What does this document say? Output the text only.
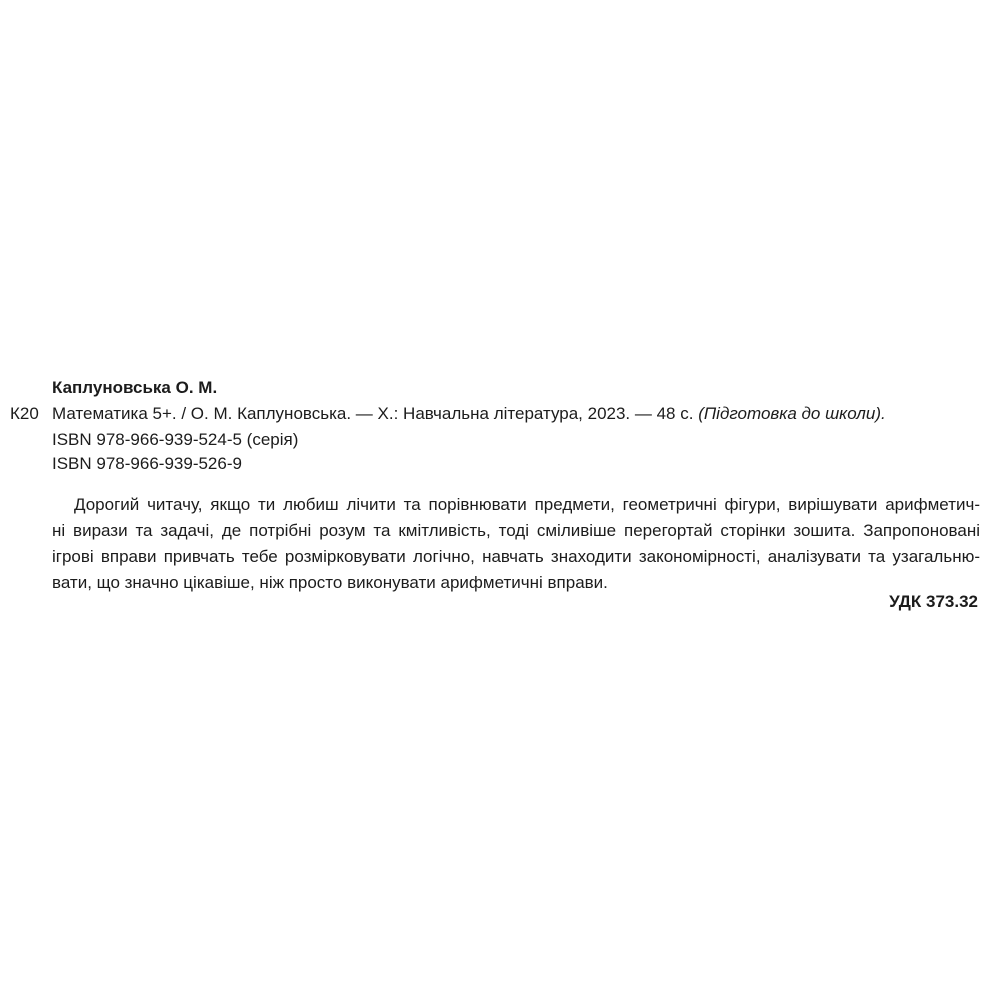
Каплуновська О. М.
К20 Математика 5+. / О. М. Каплуновська. — Х.: Навчальна література, 2023. — 48 с. (Підготовка до школи).
ISBN 978-966-939-524-5 (серія)
ISBN 978-966-939-526-9
Дорогий читачу, якщо ти любиш лічити та порівнювати предмети, геометричні фігури, вирішувати арифметич-
ні вирази та задачі, де потрібні розум та кмітливість, тоді сміливіше перегортай сторінки зошита. Запропоновані
ігрові вправи привчать тебе розмірковувати логічно, навчать знаходити закономірності, аналізувати та узагальню-
вати, що значно цікавіше, ніж просто виконувати арифметичні вправи.
УДК 373.32
